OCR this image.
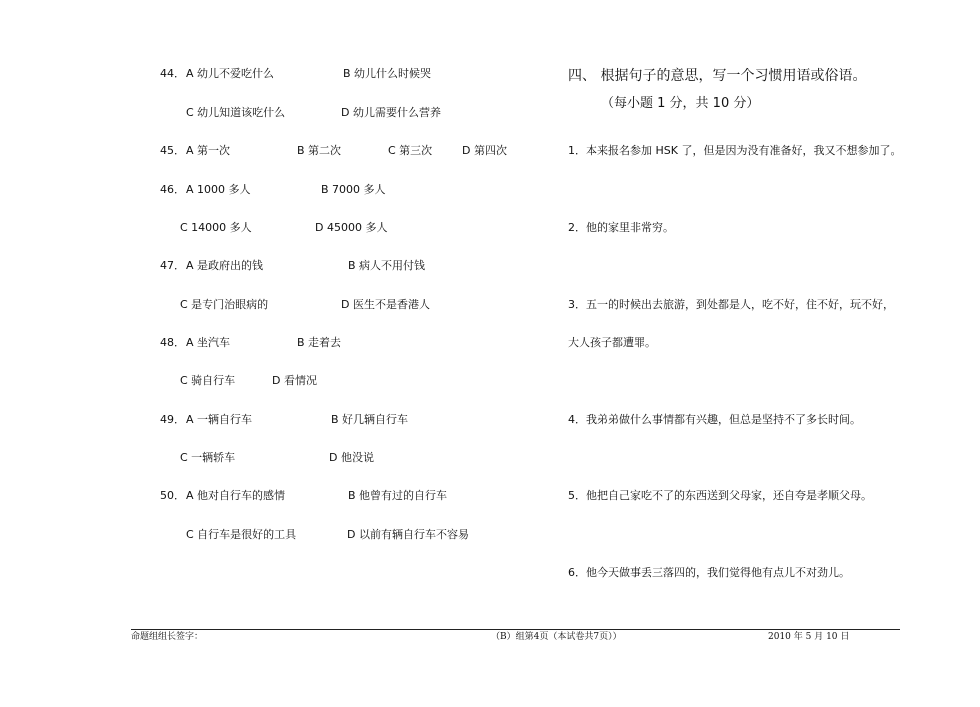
44． A 幼儿不爱吃什么	B 幼儿什么时候哭
C 幼儿知道该吃什么	D 幼儿需要什么营养
45． A 第一次	B 第二次	C 第三次	D 第四次
46． A 1000 多人	B 7000 多人
C 14000 多人	D 45000 多人
47． A 是政府出的钱	B 病人不用付钱
C 是专门治眼病的	D 医生不是香港人
48． A 坐汽车	B 走着去
C 骑自行车	D 看情况
49． A 一辆自行车	B 好几辆自行车
C 一辆轿车	D 他没说
50． A 他对自行车的感情	B 他曾有过的自行车
C 自行车是很好的工具	D 以前有辆自行车不容易
四、 根据句子的意思，写一个习惯用语或俗语。
（每小题 1 分，共 10 分）
1． 本来报名参加 HSK 了，但是因为没有准备好，我又不想参加了。
2． 他的家里非常穷。
3． 五一的时候出去旅游，到处都是人，吃不好，住不好，玩不好，
大人孩子都遭罪。
4． 我弟弟做什么事情都有兴趣，但总是坚持不了多长时间。
5． 他把自己家吃不了的东西送到父母家，还自夸是孝顺父母。
6． 他今天做事丢三落四的，我们觉得他有点儿不对劲儿。
命题组组长签字：	（B）组第4页（本试卷共7页））	2010 年 5 月 10 日
